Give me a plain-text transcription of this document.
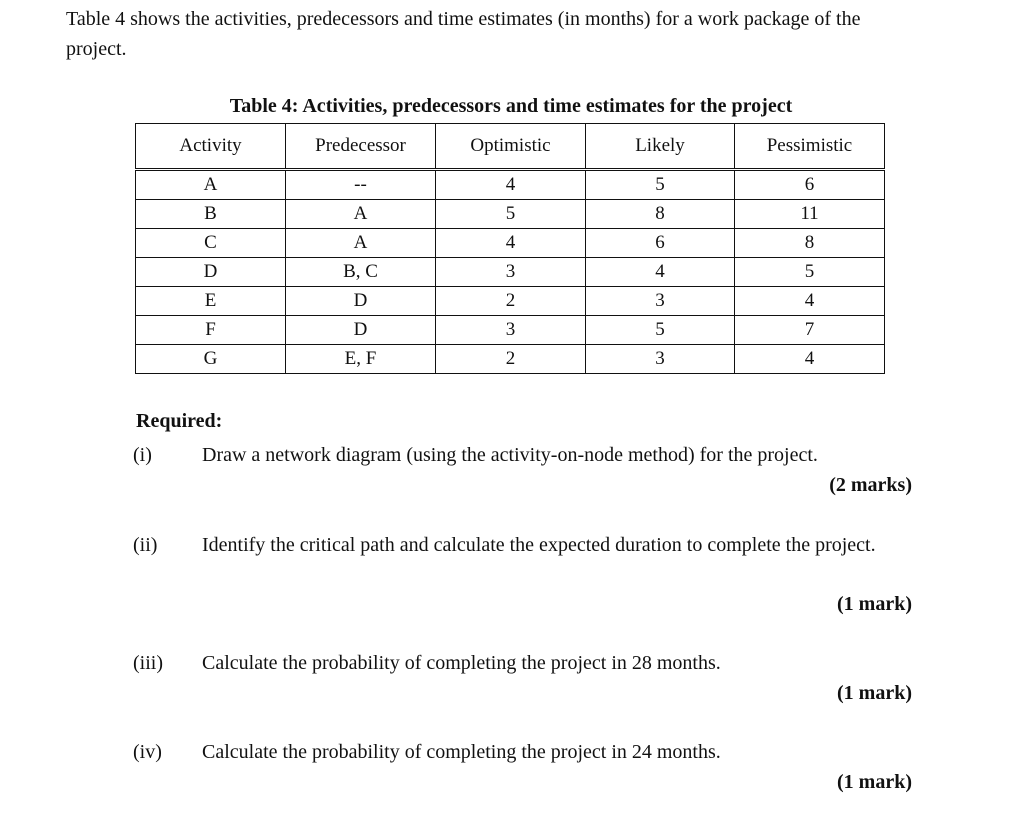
Table 4 shows the activities, predecessors and time estimates (in months) for a work package of the project.

Table 4: Activities, predecessors and time estimates for the project
Activity	Predecessor	Optimistic	Likely	Pessimistic
A	--	4	5	6
B	A	5	8	11
C	A	4	6	8
D	B, C	3	4	5
E	D	2	3	4
F	D	3	5	7
G	E, F	2	3	4

Required:

(i)	Draw a network diagram (using the activity-on-node method) for the project.
(2 marks)
(ii) Identify the critical path and calculate the expected duration to complete the project.
(1 mark)
(iii) Calculate the probability of completing the project in 28 months.
(1 mark)
(iv) Calculate the probability of completing the project in 24 months.
(1 mark)
